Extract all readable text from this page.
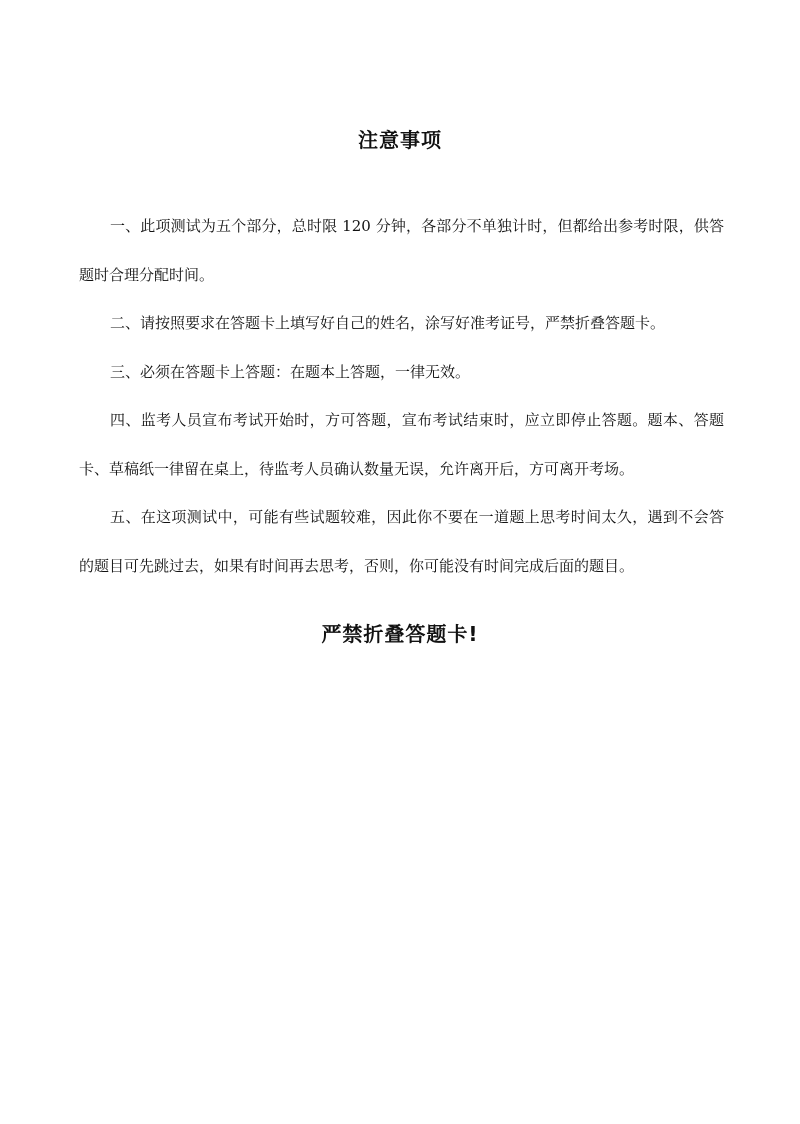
注意事项

一、此项测试为五个部分，总时限 120 分钟，各部分不单独计时，但都给出参考时限，供答题时合理分配时间。

二、请按照要求在答题卡上填写好自己的姓名，涂写好准考证号，严禁折叠答题卡。

三、必须在答题卡上答题：在题本上答题，一律无效。

四、监考人员宣布考试开始时，方可答题，宣布考试结束时，应立即停止答题。题本、答题卡、草稿纸一律留在桌上，待监考人员确认数量无误，允许离开后，方可离开考场。

五、在这项测试中，可能有些试题较难，因此你不要在一道题上思考时间太久，遇到不会答的题目可先跳过去，如果有时间再去思考，否则，你可能没有时间完成后面的题目。

严禁折叠答题卡!
